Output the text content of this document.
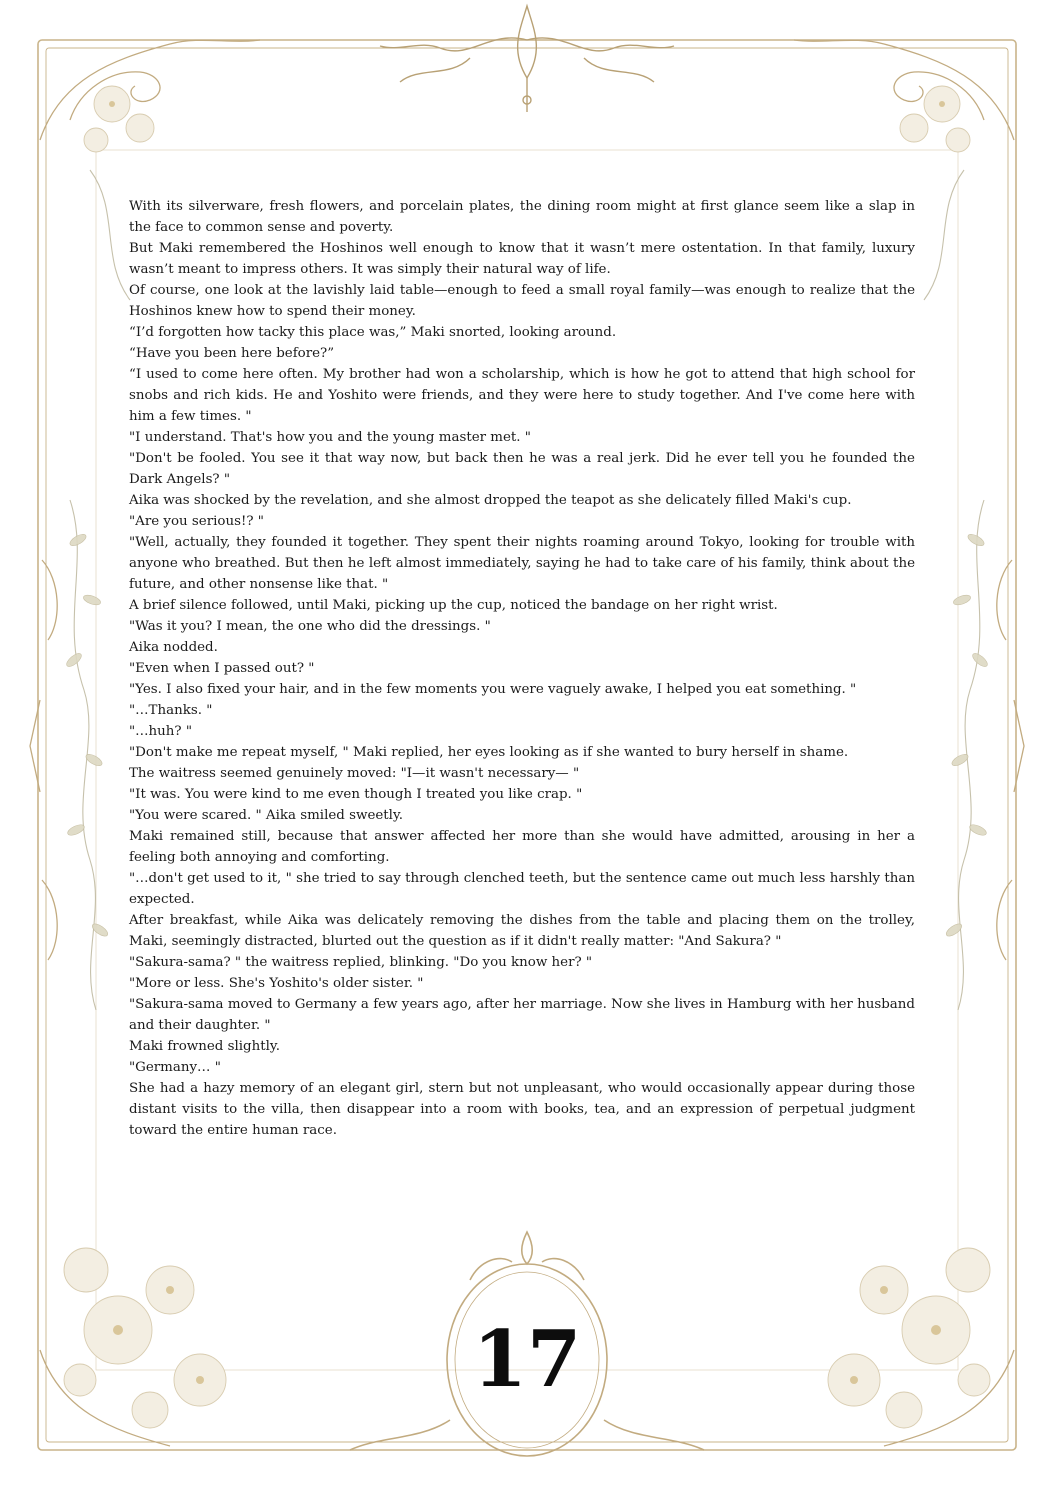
With its silverware, fresh flowers, and porcelain plates, the dining room might at first glance seem like a slap in the face to common sense and poverty.

But Maki remembered the Hoshinos well enough to know that it wasn’t mere ostentation. In that family, luxury wasn’t meant to impress others. It was simply their natural way of life.

Of course, one look at the lavishly laid table—enough to feed a small royal family—was enough to realize that the Hoshinos knew how to spend their money.

“I’d forgotten how tacky this place was,” Maki snorted, looking around.

“Have you been here before?”

“I used to come here often. My brother had won a scholarship, which is how he got to attend that high school for snobs and rich kids. He and Yoshito were friends, and they were here to study together. And I've come here with him a few times. "

"I understand. That's how you and the young master met. "

"Don't be fooled. You see it that way now, but back then he was a real jerk. Did he ever tell you he founded the Dark Angels? "

Aika was shocked by the revelation, and she almost dropped the teapot as she delicately filled Maki's cup.

"Are you serious!? "

"Well, actually, they founded it together. They spent their nights roaming around Tokyo, looking for trouble with anyone who breathed. But then he left almost immediately, saying he had to take care of his family, think about the future, and other nonsense like that. "

A brief silence followed, until Maki, picking up the cup, noticed the bandage on her right wrist.

"Was it you? I mean, the one who did the dressings. "

Aika nodded.

"Even when I passed out? "

"Yes. I also fixed your hair, and in the few moments you were vaguely awake, I helped you eat something. "

"…Thanks. "

"…huh? "

"Don't make me repeat myself, " Maki replied, her eyes looking as if she wanted to bury herself in shame.

The waitress seemed genuinely moved: "I—it wasn't necessary— "

"It was. You were kind to me even though I treated you like crap. "

"You were scared. " Aika smiled sweetly.

Maki remained still, because that answer affected her more than she would have admitted, arousing in her a feeling both annoying and comforting.

"…don't get used to it, " she tried to say through clenched teeth, but the sentence came out much less harshly than expected.

After breakfast, while Aika was delicately removing the dishes from the table and placing them on the trolley, Maki, seemingly distracted, blurted out the question as if it didn't really matter: "And Sakura? "

"Sakura-sama? " the waitress replied, blinking. "Do you know her? "

"More or less. She's Yoshito's older sister. "

"Sakura-sama moved to Germany a few years ago, after her marriage. Now she lives in Hamburg with her husband and their daughter. "

Maki frowned slightly.

"Germany… "

She had a hazy memory of an elegant girl, stern but not unpleasant, who would occasionally appear during those distant visits to the villa, then disappear into a room with books, tea, and an expression of perpetual judgment toward the entire human race.

17
